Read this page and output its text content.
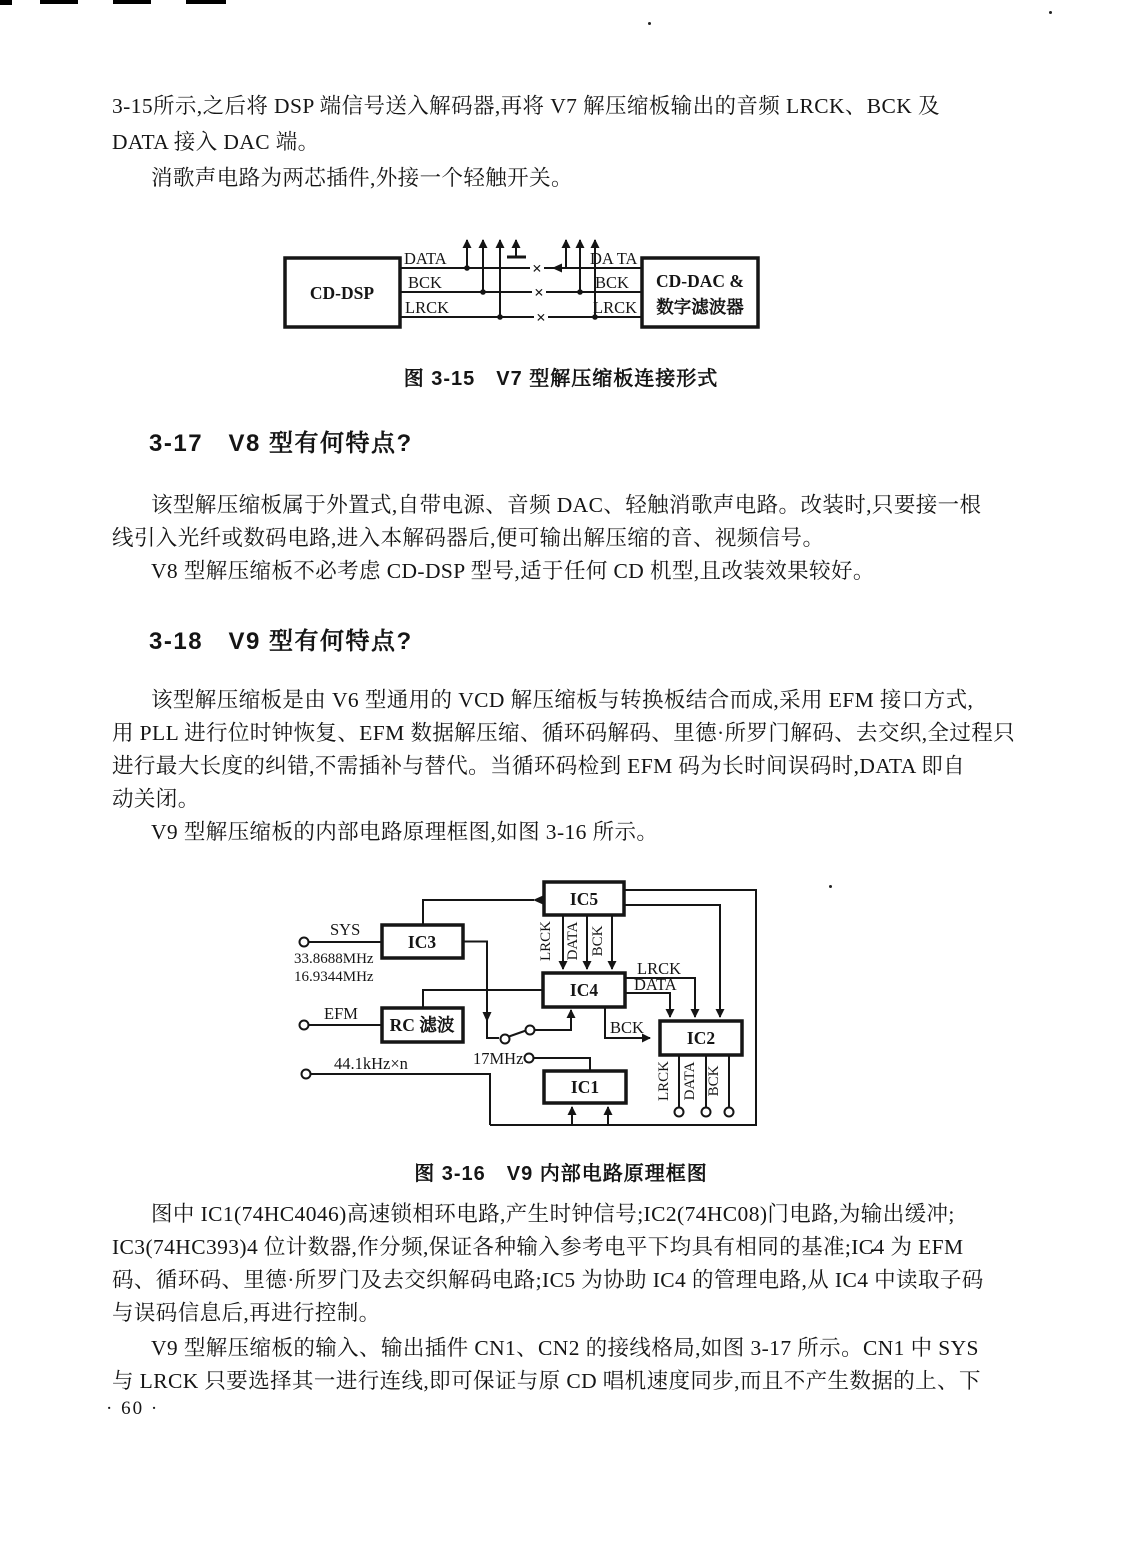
3-15所示,之后将 DSP 端信号送入解码器,再将 V7 解压缩板输出的音频 LRCK、BCK 及
DATA 接入 DAC 端。
消歌声电路为两芯插件,外接一个轻触开关。
×
×
×
DATA
BCK
LRCK
DA TA
BCK
LRCK
CD-DSP
CD-DAC &
数字滤波器
图 3-15　V7 型解压缩板连接形式
3-17　V8 型有何特点?
该型解压缩板属于外置式,自带电源、音频 DAC、轻触消歌声电路。改装时,只要接一根
线引入光纤或数码电路,进入本解码器后,便可输出解压缩的音、视频信号。
V8 型解压缩板不必考虑 CD-DSP 型号,适于任何 CD 机型,且改装效果较好。
3-18　V9 型有何特点?
该型解压缩板是由 V6 型通用的 VCD 解压缩板与转换板结合而成,采用 EFM 接口方式,
用 PLL 进行位时钟恢复、EFM 数据解压缩、循环码解码、里德·所罗门解码、去交织,全过程只
进行最大长度的纠错,不需插补与替代。当循环码检到 EFM 码为长时间误码时,DATA 即自
动关闭。
V9 型解压缩板的内部电路原理框图,如图 3-16 所示。
SYS
33.8688MHz
16.9344MHz
EFM
44.1kHz×n	17MHz
LRCK DATA BCK
LRCK
DATA
BCK
LRCK DATA BCK
IC5
IC3
IC4
RC 滤波
IC2
IC1
图 3-16　V9 内部电路原理框图
图中 IC1(74HC4046)高速锁相环电路,产生时钟信号;IC2(74HC08)门电路,为输出缓冲;
IC3(74HC393)4 位计数器,作分频,保证各种输入参考电平下均具有相同的基准;IC4 为 EFM
码、循环码、里德·所罗门及去交织解码电路;IC5 为协助 IC4 的管理电路,从 IC4 中读取子码
与误码信息后,再进行控制。
V9 型解压缩板的输入、输出插件 CN1、CN2 的接线格局,如图 3-17 所示。CN1 中 SYS
与 LRCK 只要选择其一进行连线,即可保证与原 CD 唱机速度同步,而且不产生数据的上、下
· 60 ·
